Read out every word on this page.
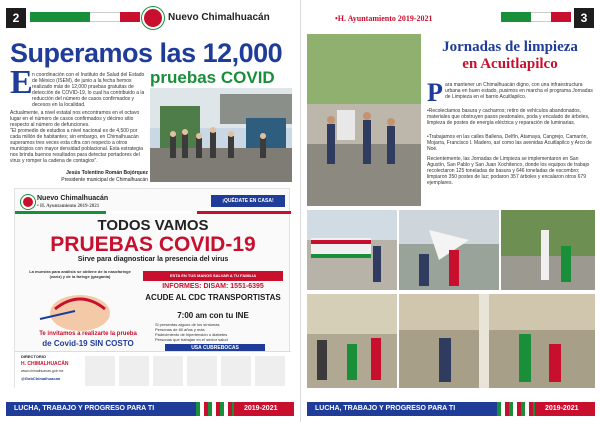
2	Nuevo Chimalhuacán
Superamos las 12,000
pruebas COVID
E n coordinación con el Instituto de Salud del Estado de México (ISEM), de junio a la fecha hemos realizado más de 12,000 pruebas gratuitas de detección de COVID-19, lo cual ha contribuido a la reducción del número de casos confirmados y decesos en la localidad.
Actualmente, a nivel estatal nos encontramos en el octavo lugar en el número de casos confirmados y décimo sitio respecto al número de defunciones.
"El promedio de estudios a nivel nacional es de 4,500 por cada millón de habitantes; sin embargo, en Chimalhuacán superamos tres veces esta cifra con respecto a otros municipios con mayor densidad poblacional. Esta estrategia nos brinda buenos resultados para detectar portadores del virus y romper la cadena de contagios".
Jesús Tolentino Román Bojórquez
Presidente municipal de Chimalhuacán
Nuevo Chimalhuacán
• H. Ayuntamiento 2019-2021
¡QUÉDATE EN CASA!
TODOS VAMOS
PRUEBAS COVID-19
Sirve para diagnosticar la presencia del virus
La muestra para análisis se obtiene de la nasofaringe (nariz) y de la faringe (garganta)	ESTA EN TUS MANOS SALVAR A TU FAMILIA
INFORMES: DISAM: 1551-6395
ACUDE AL CDC TRANSPORTISTAS
7:00 am con tu INE
Si presentas alguno de los síntomas
Personas de 60 años y más
Padecimiento de hipertensión o diabetes
Personas que trabajan en el sector salud
USA CUBREBOCAS
Te invitamos a realizarte la prueba
de Covid-19 SIN COSTO
DIRECTORIO
H. CHIMALHUACÁN
www.chimalhuacan.gob.mx
@GobChimalhuacan
LUCHA, TRABAJO Y PROGRESO PARA TI	2019-2021
3
•H. Ayuntamiento 2019-2021
Jornadas de limpieza
en Acuitlapilco
P ara mantener un Chimalhuacán digno, con una infraestructura urbana en buen estado, pusimos en marcha el programa Jornadas de Limpieza en el barrio Acuitlapilco.
•Recolectamos basura y cacharros; retiro de vehículos abandonados, materiales que obstruyen pasos peatonales, poda y encalado de árboles, limpieza de postes de energía eléctrica y reparación de luminarias.
•Trabajamos en las calles Ballena, Delfín, Atamaya, Cangrejo, Camarón, Mojarra, Francisco I. Madero, así como las avenidas Acuitlapilco y Arco de Noé.
Recientemente, las Jornadas de Limpieza se implementaron en San Agustín, San Pablo y San Juan Xochitenco, donde los equipos de trabajo recolectaron 125 toneladas de basura y 646 toneladas de escombro; limpiaron 350 postes de luz; podaron 357 árboles y encalaron otros 679 ejemplares.
LUCHA, TRABAJO Y PROGRESO PARA TI	2019-2021
